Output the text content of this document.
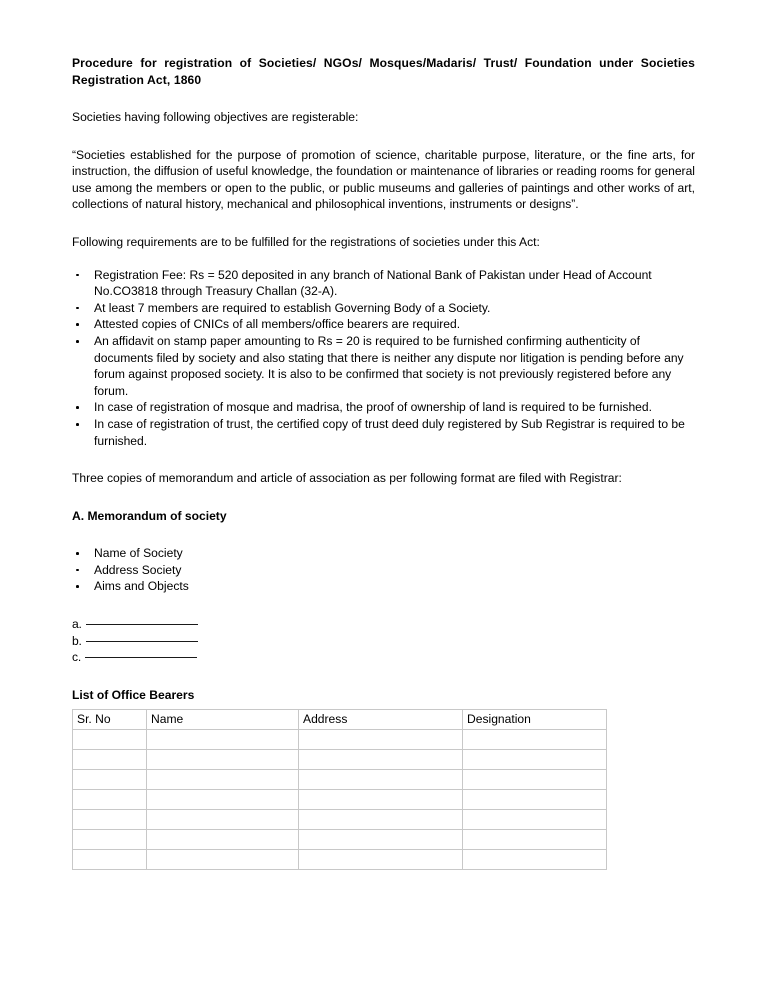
Procedure for registration of Societies/ NGOs/ Mosques/Madaris/ Trust/ Foundation under Societies Registration Act, 1860

Societies having following objectives are registerable:

“Societies established for the purpose of promotion of science, charitable purpose, literature, or the fine arts, for instruction, the diffusion of useful knowledge, the foundation or maintenance of libraries or reading rooms for general use among the members or open to the public, or public museums and galleries of paintings and other works of art, collections of natural history, mechanical and philosophical inventions, instruments or designs”.

Following requirements are to be fulfilled for the registrations of societies under this Act:

Registration Fee: Rs = 520 deposited in any branch of National Bank of Pakistan under Head of Account No.CO3818 through Treasury Challan (32-A).
At least 7 members are required to establish Governing Body of a Society.
Attested copies of CNICs of all members/office bearers are required.
An affidavit on stamp paper amounting to Rs = 20 is required to be furnished confirming authenticity of documents filed by society and also stating that there is neither any dispute nor litigation is pending before any forum against proposed society. It is also to be confirmed that society is not previously registered before any forum.
In case of registration of mosque and madrisa, the proof of ownership of land is required to be furnished.
In case of registration of trust, the certified copy of trust deed duly registered by Sub Registrar is required to be furnished.

Three copies of memorandum and article of association as per following format are filed with Registrar:

A. Memorandum of society

Name of Society
Address Society
Aims and Objects
a.
b.
c.

List of Office Bearers

Sr. No	Name	Address	Designation
